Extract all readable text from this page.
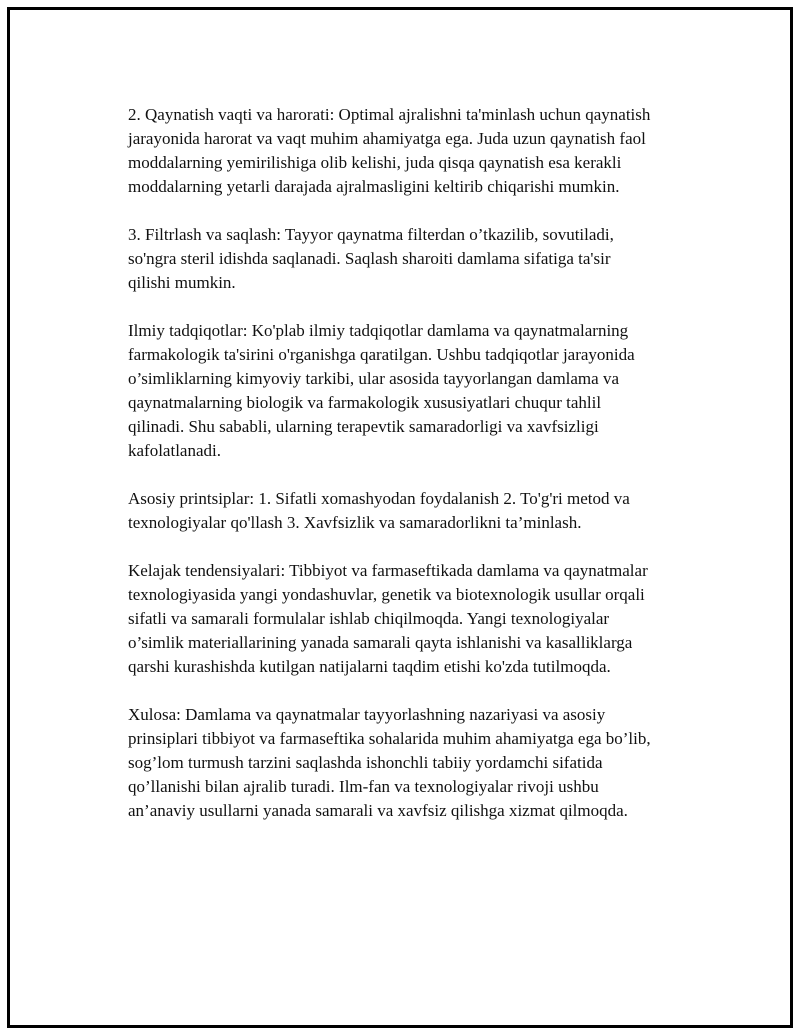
2. Qaynatish vaqti va harorati: Optimal ajralishni ta'minlash uchun qaynatish
jarayonida harorat va vaqt muhim ahamiyatga ega. Juda uzun qaynatish faol
moddalarning yemirilishiga olib kelishi, juda qisqa qaynatish esa kerakli
moddalarning yetarli darajada ajralmasligini keltirib chiqarishi mumkin.

3. Filtrlash va saqlash: Tayyor qaynatma filterdan o’tkazilib, sovutiladi,
so'ngra steril idishda saqlanadi. Saqlash sharoiti damlama sifatiga ta'sir
qilishi mumkin.

Ilmiy tadqiqotlar: Ko'plab ilmiy tadqiqotlar damlama va qaynatmalarning
farmakologik ta'sirini o'rganishga qaratilgan. Ushbu tadqiqotlar jarayonida
o’simliklarning kimyoviy tarkibi, ular asosida tayyorlangan damlama va
qaynatmalarning biologik va farmakologik xususiyatlari chuqur tahlil
qilinadi. Shu sababli, ularning terapevtik samaradorligi va xavfsizligi
kafolatlanadi.

Asosiy printsiplar: 1. Sifatli xomashyodan foydalanish 2. To'g'ri metod va
texnologiyalar qo'llash 3. Xavfsizlik va samaradorlikni ta’minlash.

Kelajak tendensiyalari: Tibbiyot va farmaseftikada damlama va qaynatmalar
texnologiyasida yangi yondashuvlar, genetik va biotexnologik usullar orqali
sifatli va samarali formulalar ishlab chiqilmoqda. Yangi texnologiyalar
o’simlik materiallarining yanada samarali qayta ishlanishi va kasalliklarga
qarshi kurashishda kutilgan natijalarni taqdim etishi ko'zda tutilmoqda.

Xulosa: Damlama va qaynatmalar tayyorlashning nazariyasi va asosiy
prinsiplari tibbiyot va farmaseftika sohalarida muhim ahamiyatga ega bo’lib,
sog’lom turmush tarzini saqlashda ishonchli tabiiy yordamchi sifatida
qo’llanishi bilan ajralib turadi. Ilm-fan va texnologiyalar rivoji ushbu
an’anaviy usullarni yanada samarali va xavfsiz qilishga xizmat qilmoqda.
